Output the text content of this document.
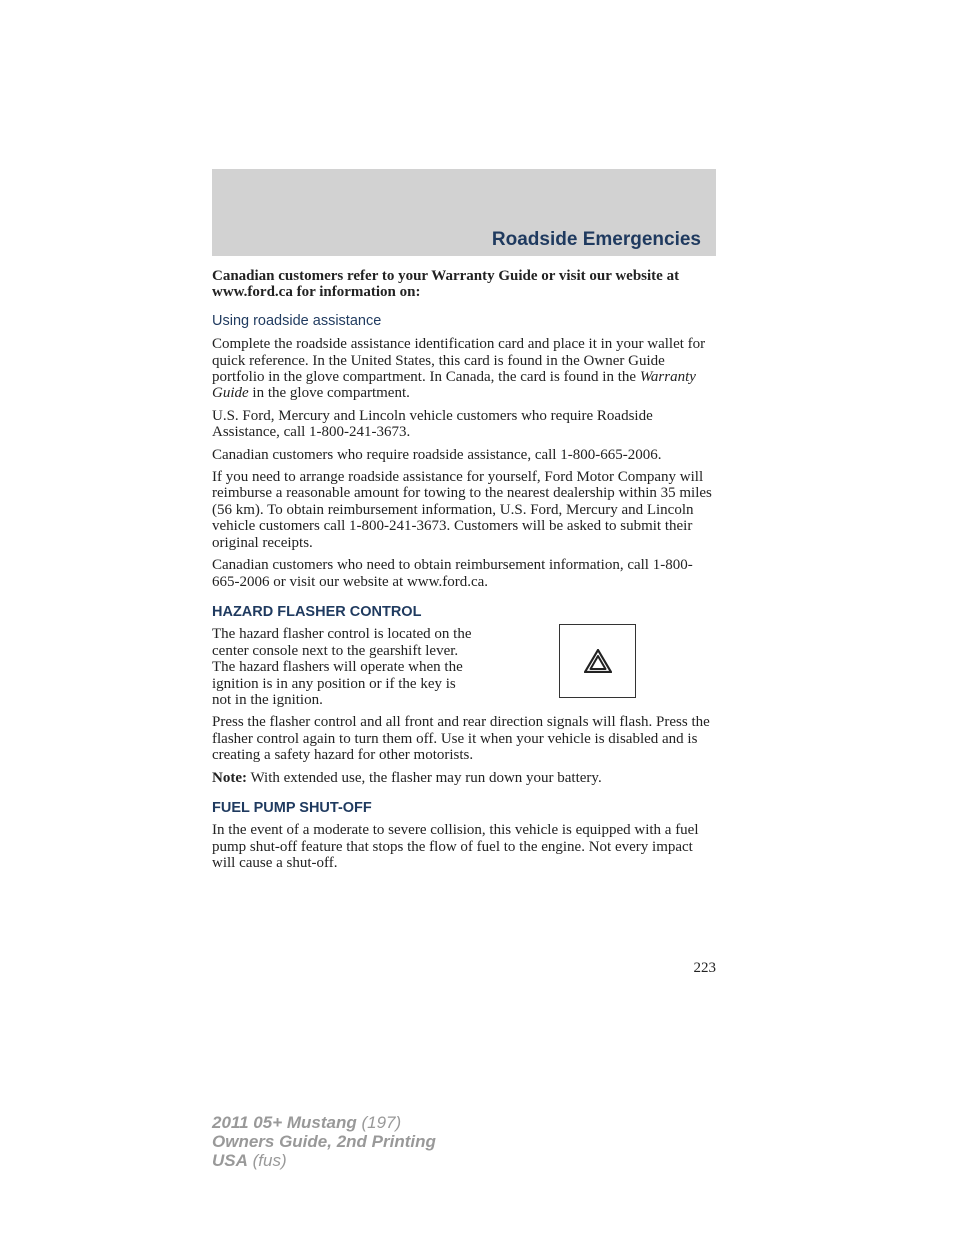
Roadside Emergencies

Canadian customers refer to your Warranty Guide or visit our website at www.ford.ca for information on:

Using roadside assistance

Complete the roadside assistance identification card and place it in your wallet for quick reference. In the United States, this card is found in the Owner Guide portfolio in the glove compartment. In Canada, the card is found in the Warranty Guide in the glove compartment.

U.S. Ford, Mercury and Lincoln vehicle customers who require Roadside Assistance, call 1-800-241-3673.

Canadian customers who require roadside assistance, call 1-800-665-2006.

If you need to arrange roadside assistance for yourself, Ford Motor Company will reimburse a reasonable amount for towing to the nearest dealership within 35 miles (56 km). To obtain reimbursement information, U.S. Ford, Mercury and Lincoln vehicle customers call 1-800-241-3673. Customers will be asked to submit their original receipts.

Canadian customers who need to obtain reimbursement information, call 1-800-665-2006 or visit our website at www.ford.ca.

HAZARD FLASHER CONTROL

The hazard flasher control is located on the center console next to the gearshift lever. The hazard flashers will operate when the ignition is in any position or if the key is not in the ignition.

Press the flasher control and all front and rear direction signals will flash. Press the flasher control again to turn them off. Use it when your vehicle is disabled and is creating a safety hazard for other motorists.

Note: With extended use, the flasher may run down your battery.

FUEL PUMP SHUT-OFF

In the event of a moderate to severe collision, this vehicle is equipped with a fuel pump shut-off feature that stops the flow of fuel to the engine. Not every impact will cause a shut-off.

223
2011 05+ Mustang (197)
Owners Guide, 2nd Printing
USA (fus)
